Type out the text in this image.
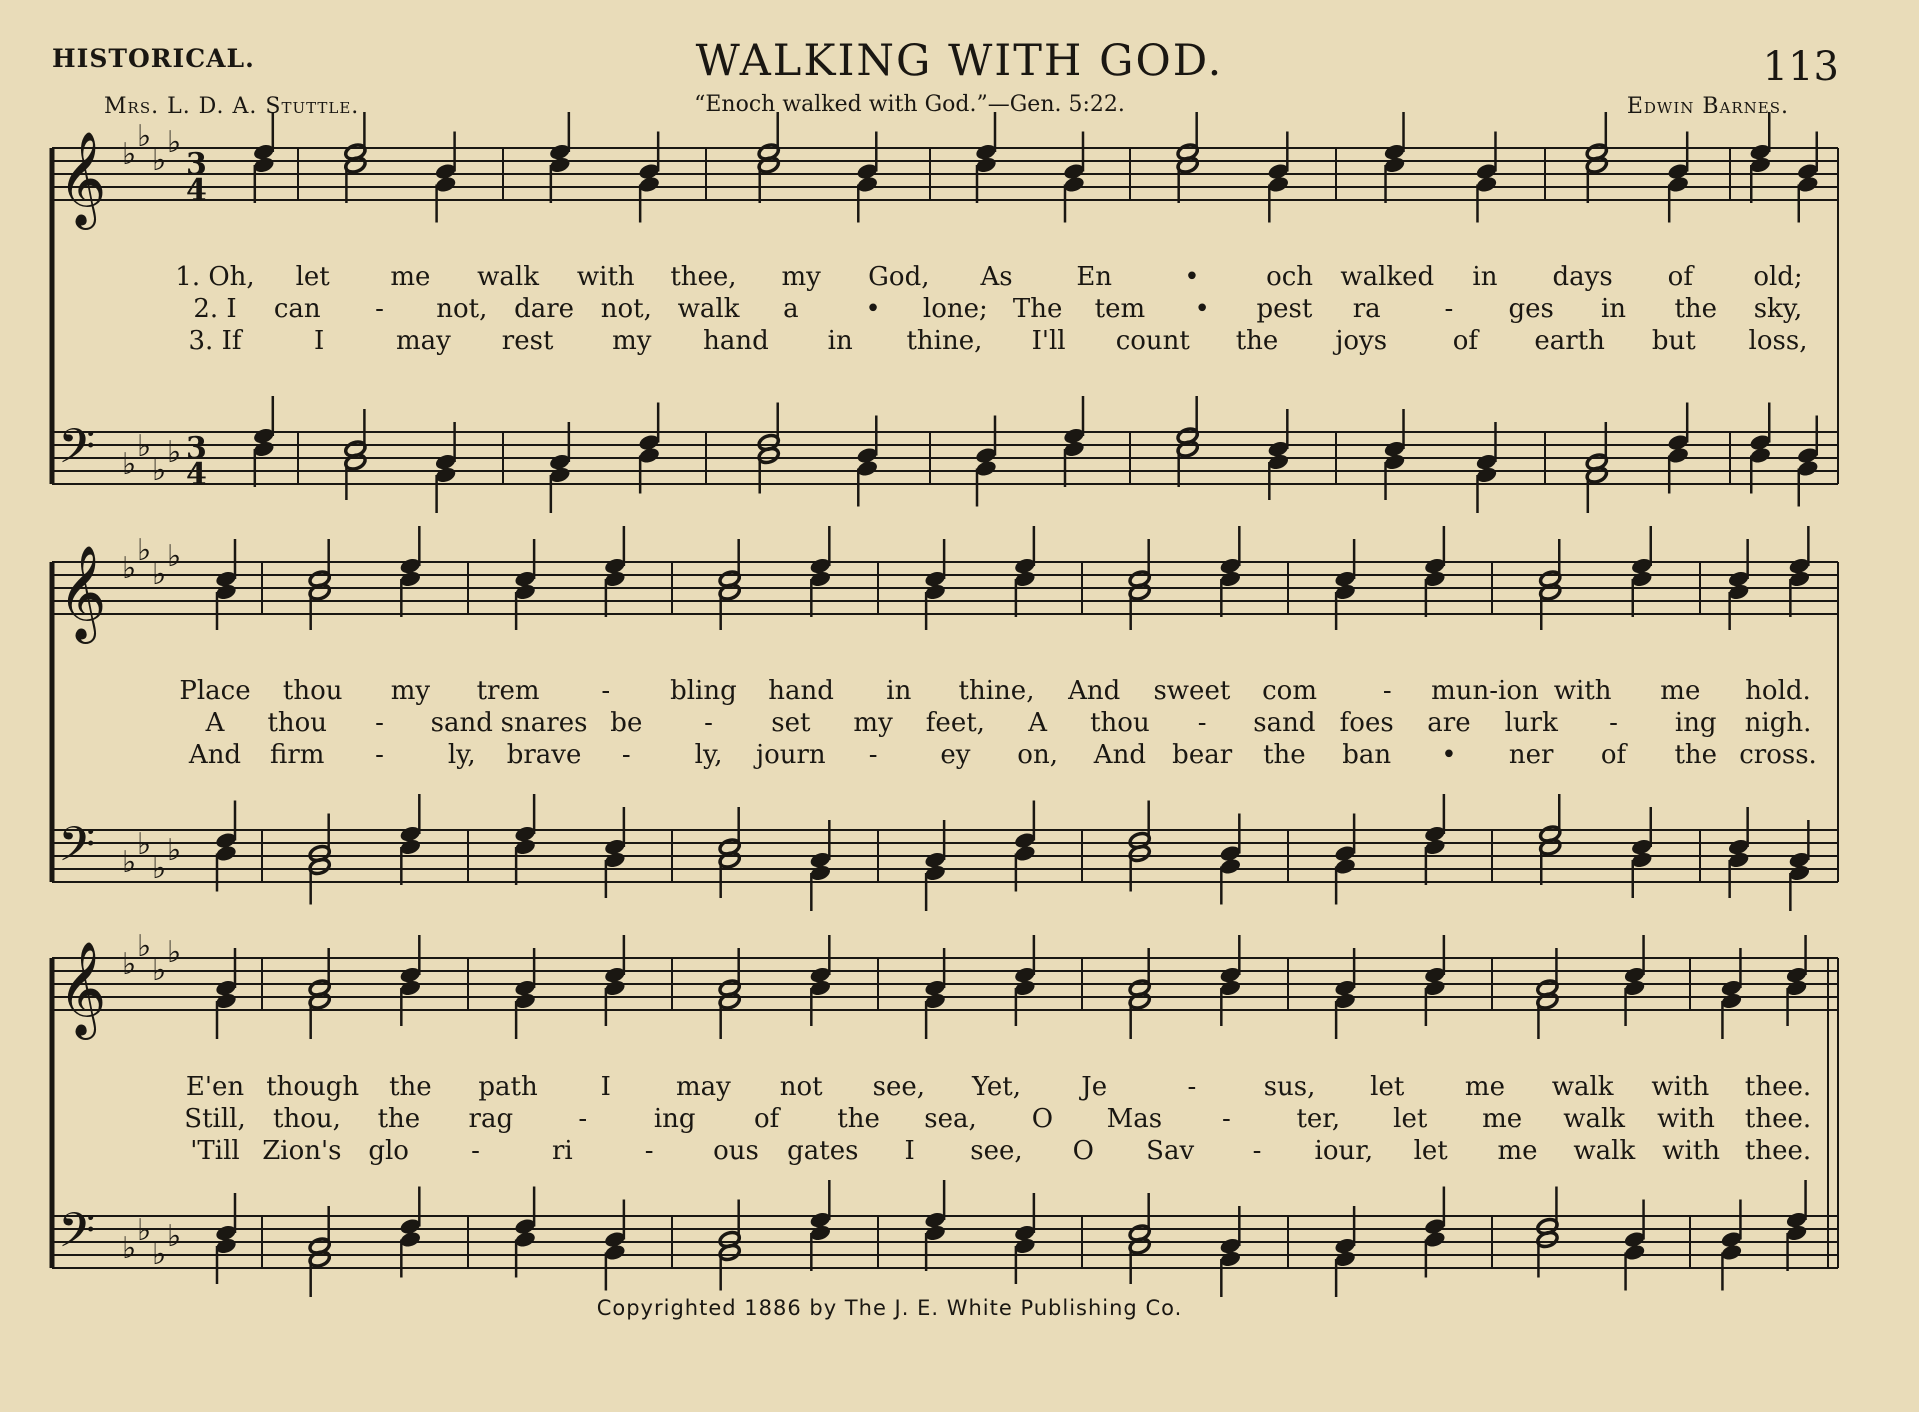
HISTORICAL.	WALKING WITH GOD.	113
Mrs. L. D. A. Stuttle.	“Enoch walked with God.”—Gen. 5:22.	Edwin Barnes.
𝄞 ♭
♭
♭
♭
3
4
𝄢 ♭
♭
♭
♭ 3
4
𝄞 ♭
♭
♭
♭
𝄢 ♭
♭
♭
♭
𝄞 ♭
♭
♭
♭
𝄢 ♭
♭
♭
♭
1. Oh, let me walk with thee, my God, As En	•	och walked in days of old;
2. I can - not, dare not, walk a	• lone; The tem • pest ra - ges in the sky,
3. If	I	may rest my hand in thine, I'll count the joys	of earth but loss,
Place thou my trem - bling hand in thine, And sweet com	- mun-ion with me hold.
A thou - sand snares be - set my feet, A thou - sand foes are lurk - ing nigh.
And firm - ly, brave - ly, journ - ey on, And bear the ban • ner of the cross.
E'en though the path I	may not see, Yet, Je	-	sus, let me walk with thee.
Still, thou, the rag	-	ing of the sea, O Mas -	ter, let me walk with thee.
'Till Zion's glo -	ri	- ous gates I see, O Sav - iour, let me walk with thee.
Copyrighted 1886 by The J. E. White Publishing Co.
